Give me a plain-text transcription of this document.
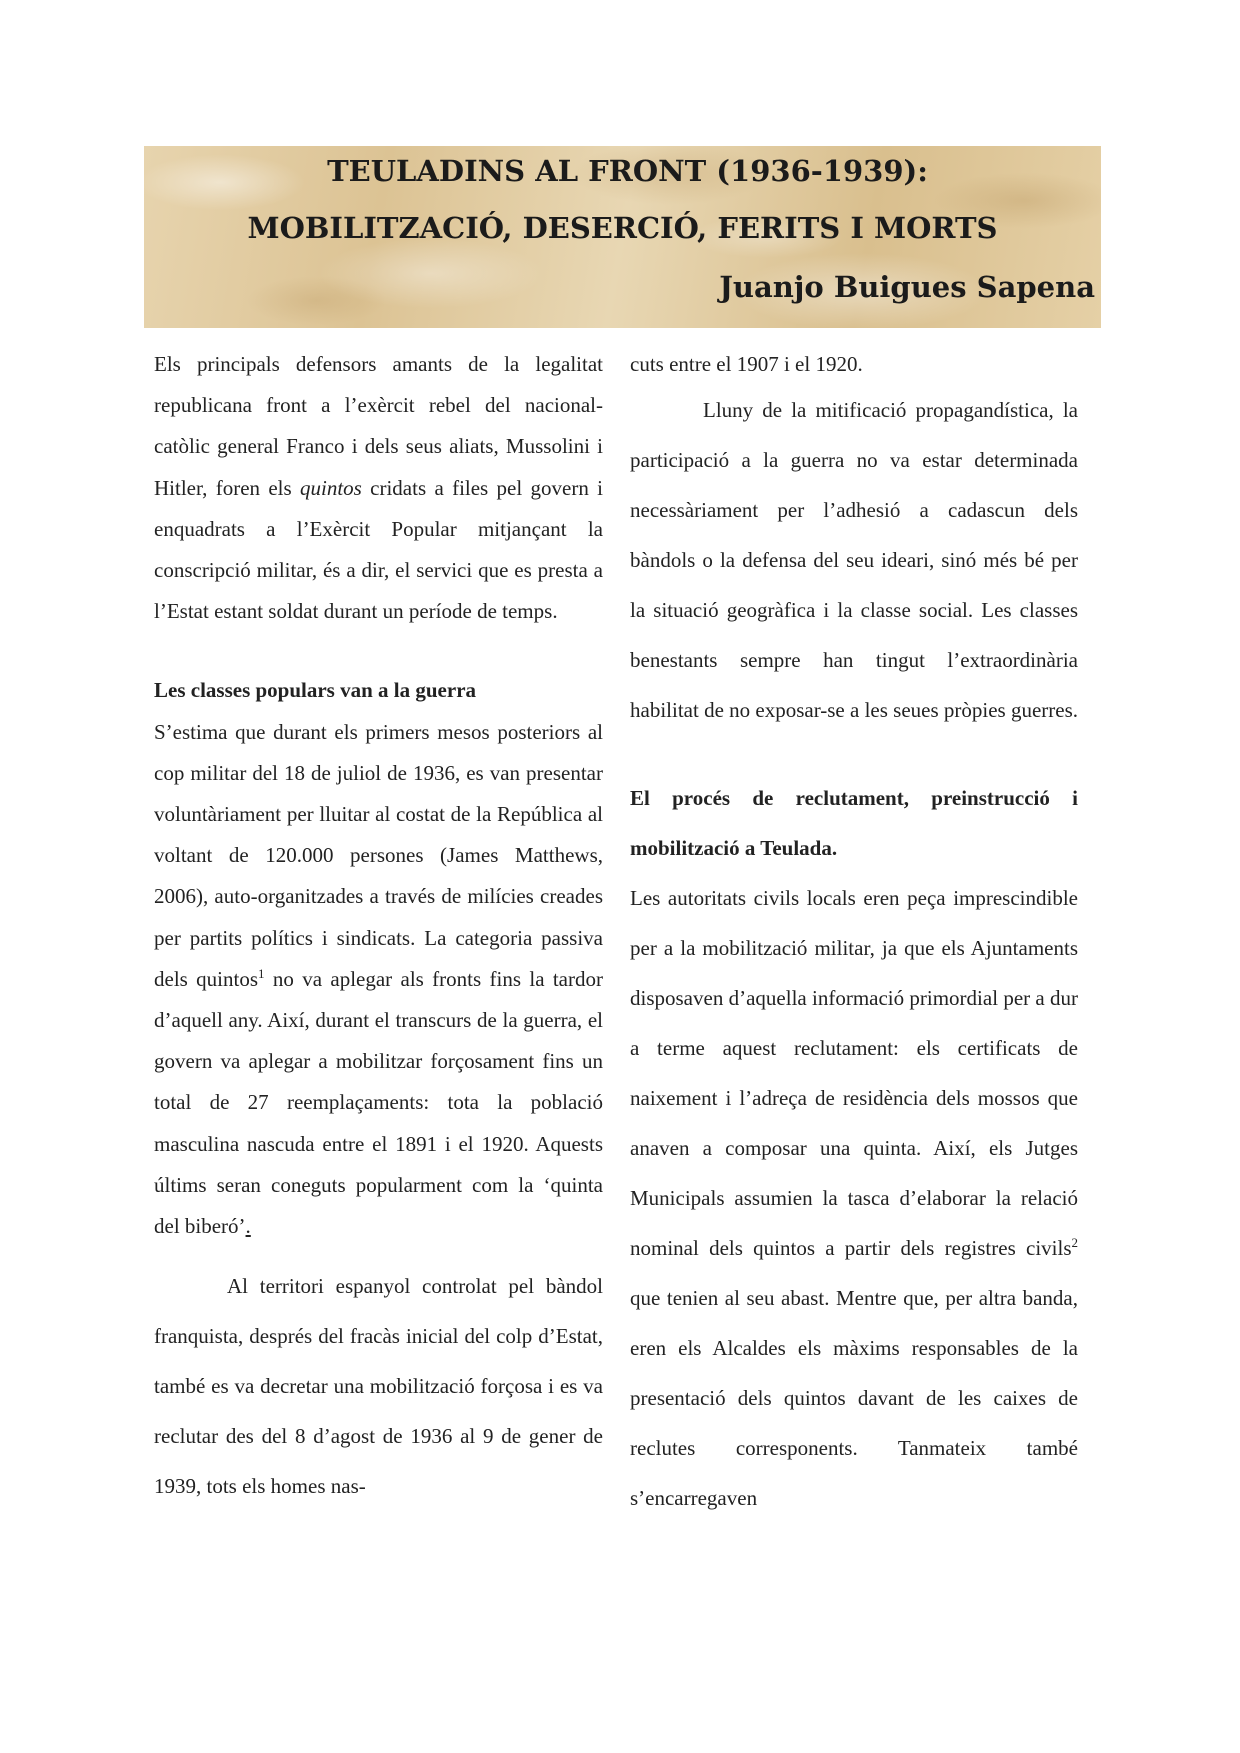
TEULADINS AL FRONT (1936-1939):
MOBILITZACIÓ, DESERCIÓ, FERITS I MORTS
Juanjo Buigues Sapena

Els principals defensors amants de la legalitat republicana front a l’exèrcit rebel del nacional-catòlic general Franco i dels seus aliats, Mussolini i Hitler, foren els quintos cridats a files pel govern i enquadrats a l’Exèrcit Popular mitjançant la conscripció militar, és a dir, el servici que es presta a l’Estat estant soldat durant un període de temps.

Les classes populars van a la guerra

S’estima que durant els primers mesos posteriors al cop militar del 18 de juliol de 1936, es van presentar voluntàriament per lluitar al costat de la República al voltant de 120.000 persones (James Matthews, 2006), auto-organitzades a través de milícies creades per partits polítics i sindicats. La categoria passiva dels quintos$^1$ no va aplegar als fronts fins la tardor d’aquell any. Així, durant el transcurs de la guerra, el govern va aplegar a mobilitzar forçosament fins un total de 27 reemplaçaments: tota la població masculina nascuda entre el 1891 i el 1920. Aquests últims seran coneguts popularment com la ‘quinta del biberó’.

Al territori espanyol controlat pel bàndol franquista, després del fracàs inicial del colp d’Estat, també es va decretar una mobilització forçosa i es va reclutar des del 8 d’agost de 1936 al 9 de gener de 1939, tots els homes nas-

cuts entre el 1907 i el 1920.

Lluny de la mitificació propagandística, la participació a la guerra no va estar determinada necessàriament per l’adhesió a cadascun dels bàndols o la defensa del seu ideari, sinó més bé per la situació geogràfica i la classe social. Les classes benestants sempre han tingut l’extraordinària habilitat de no exposar-se a les seues pròpies guerres.

El procés de reclutament, preinstrucció i mobilització a Teulada.

Les autoritats civils locals eren peça imprescindible per a la mobilització militar, ja que els Ajuntaments disposaven d’aquella informació primordial per a dur a terme aquest reclutament: els certificats de naixement i l’adreça de residència dels mossos que anaven a composar una quinta. Així, els Jutges Municipals assumien la tasca d’elaborar la relació nominal dels quintos a partir dels registres civils$^2$ que tenien al seu abast. Mentre que, per altra banda, eren els Alcaldes els màxims responsables de la presentació dels quintos davant de les caixes de reclutes corresponents. Tanmateix també s’encarregaven
